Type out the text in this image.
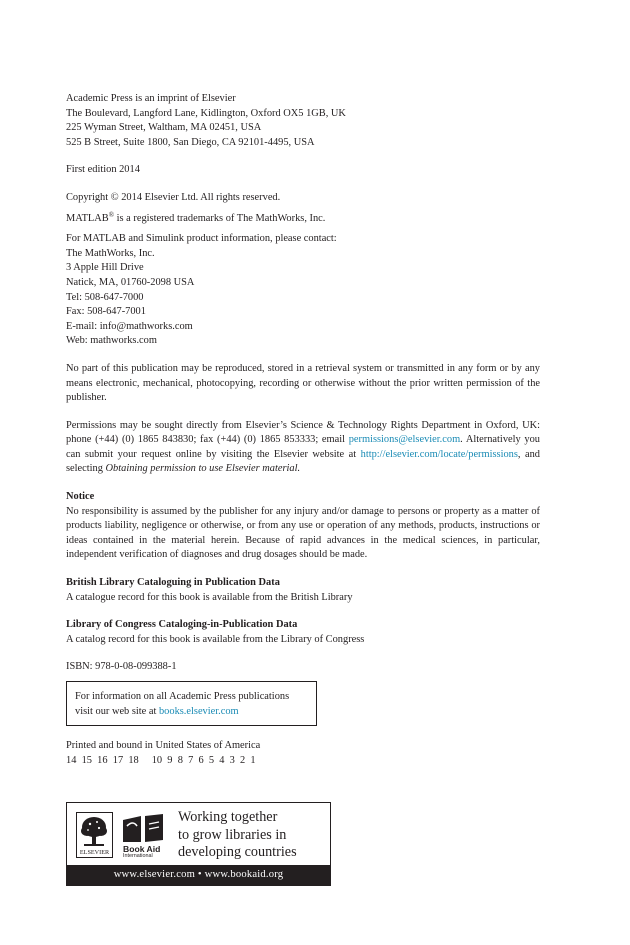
Academic Press is an imprint of Elsevier

The Boulevard, Langford Lane, Kidlington, Oxford OX5 1GB, UK

225 Wyman Street, Waltham, MA 02451, USA

525 B Street, Suite 1800, San Diego, CA 92101-4495, USA

First edition 2014

Copyright © 2014 Elsevier Ltd. All rights reserved.

MATLAB® is a registered trademarks of The MathWorks, Inc.

For MATLAB and Simulink product information, please contact:

The MathWorks, Inc.

3 Apple Hill Drive

Natick, MA, 01760-2098 USA

Tel: 508-647-7000

Fax: 508-647-7001

E-mail: info@mathworks.com

Web: mathworks.com

No part of this publication may be reproduced, stored in a retrieval system or transmitted in any form or by any means electronic, mechanical, photocopying, recording or otherwise without the prior written permission of the publisher.

Permissions may be sought directly from Elsevier’s Science & Technology Rights Department in Oxford, UK: phone (+44) (0) 1865 843830; fax (+44) (0) 1865 853333; email permissions@elsevier.com. Alternatively you can submit your request online by visiting the Elsevier website at http://elsevier.com/locate/permissions, and selecting Obtaining permission to use Elsevier material.

Notice

No responsibility is assumed by the publisher for any injury and/or damage to persons or property as a matter of products liability, negligence or otherwise, or from any use or operation of any methods, products, instructions or ideas contained in the material herein. Because of rapid advances in the medical sciences, in particular, independent verification of diagnoses and drug dosages should be made.

British Library Cataloguing in Publication Data

A catalogue record for this book is available from the British Library

Library of Congress Cataloging-in-Publication Data

A catalog record for this book is available from the Library of Congress

ISBN: 978-0-08-099388-1

For information on all Academic Press publications

visit our web site at books.elsevier.com

Printed and bound in United States of America

14  15  16  17  18     10  9  8  7  6  5  4  3  2  1

ELSEVIER	Book Aid
International
Working together
to grow libraries in
developing countries
www.elsevier.com • www.bookaid.org
